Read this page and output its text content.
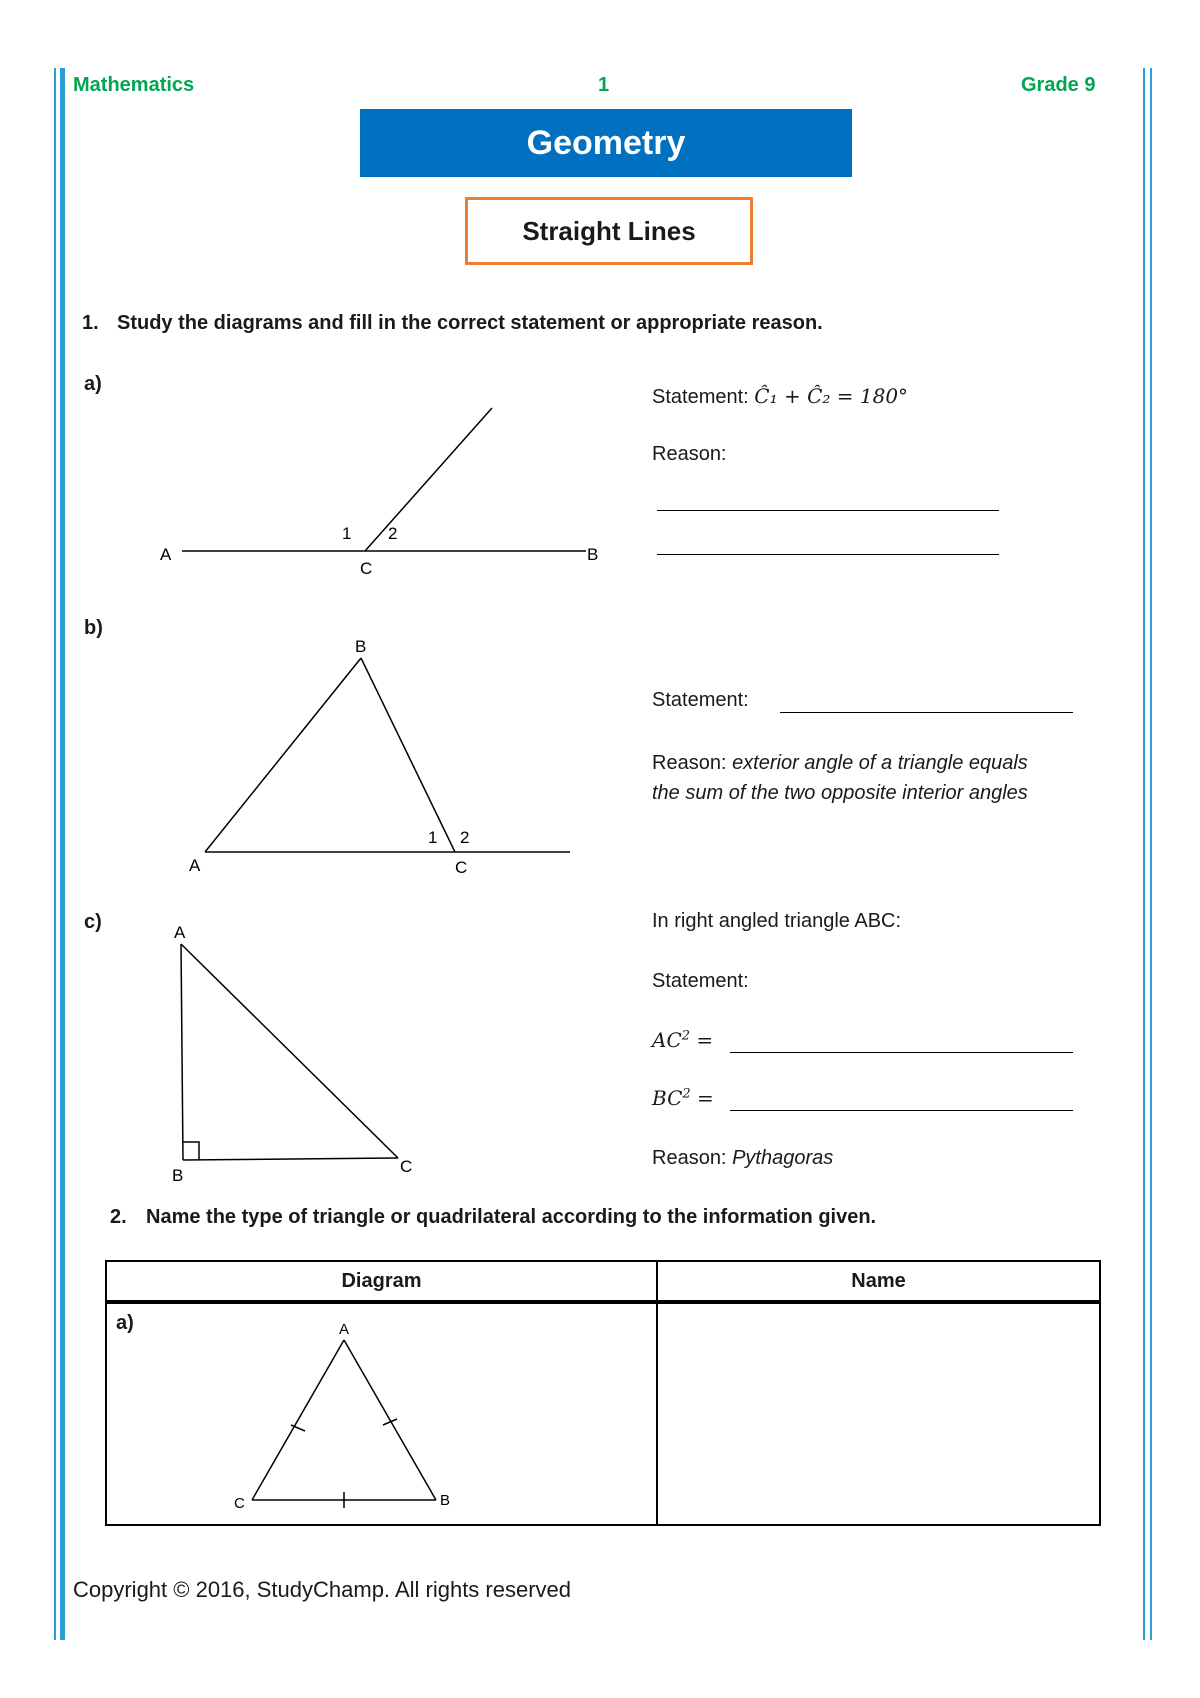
Mathematics	1	Grade 9
Geometry
Straight Lines
1. Study the diagrams and fill in the correct statement or appropriate reason.
a)
Statement: Ĉ₁ + Ĉ₂ = 180°
Reason:
b)
Statement:
Reason: exterior angle of a triangle equals
the sum of the two opposite interior angles
c)	In right angled triangle ABC:
Statement:
$AC^2$ =
$BC^2$ =
Reason: Pythagoras
2. Name the type of triangle or quadrilateral according to the information given.
Diagram	Name

a)
A	B
C
1 2
A
B
C
1 2
A
B	C
A
B
C
Copyright © 2016, StudyChamp. All rights reserved
